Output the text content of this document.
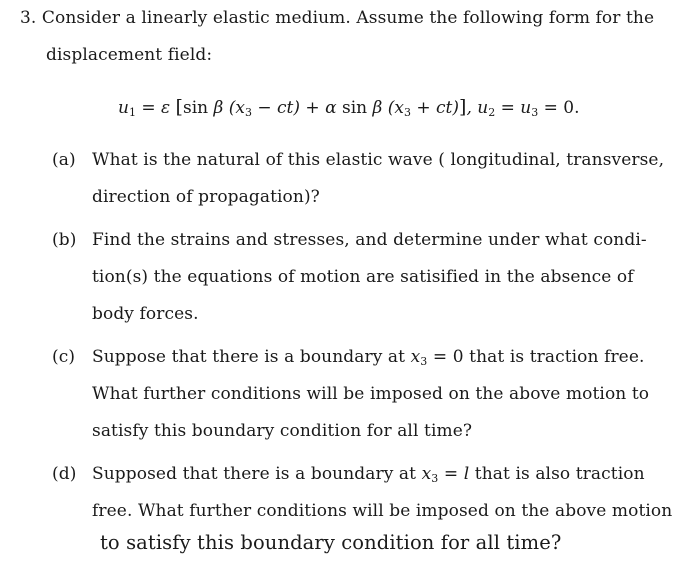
3. Consider a linearly elastic medium. Assume the following form for the
displacement field:
$u_1 = \varepsilon$ [sin β $(x_3 - ct) + \alpha$ sin β $(x_3 + ct)$], $u_2 = u_3 = 0$.
(a) What is the natural of this elastic wave ( longitudinal, transverse,
direction of propagation)?
(b) Find the strains and stresses, and determine under what condi-
tion(s) the equations of motion are satisified in the absence of
body forces.
(c) Suppose that there is a boundary at $x_3 = 0$ that is traction free.
What further conditions will be imposed on the above motion to
satisfy this boundary condition for all time?
(d) Supposed that there is a boundary at $x_3 = l$ that is also traction
free. What further conditions will be imposed on the above motion
to satisfy this boundary condition for all time?
